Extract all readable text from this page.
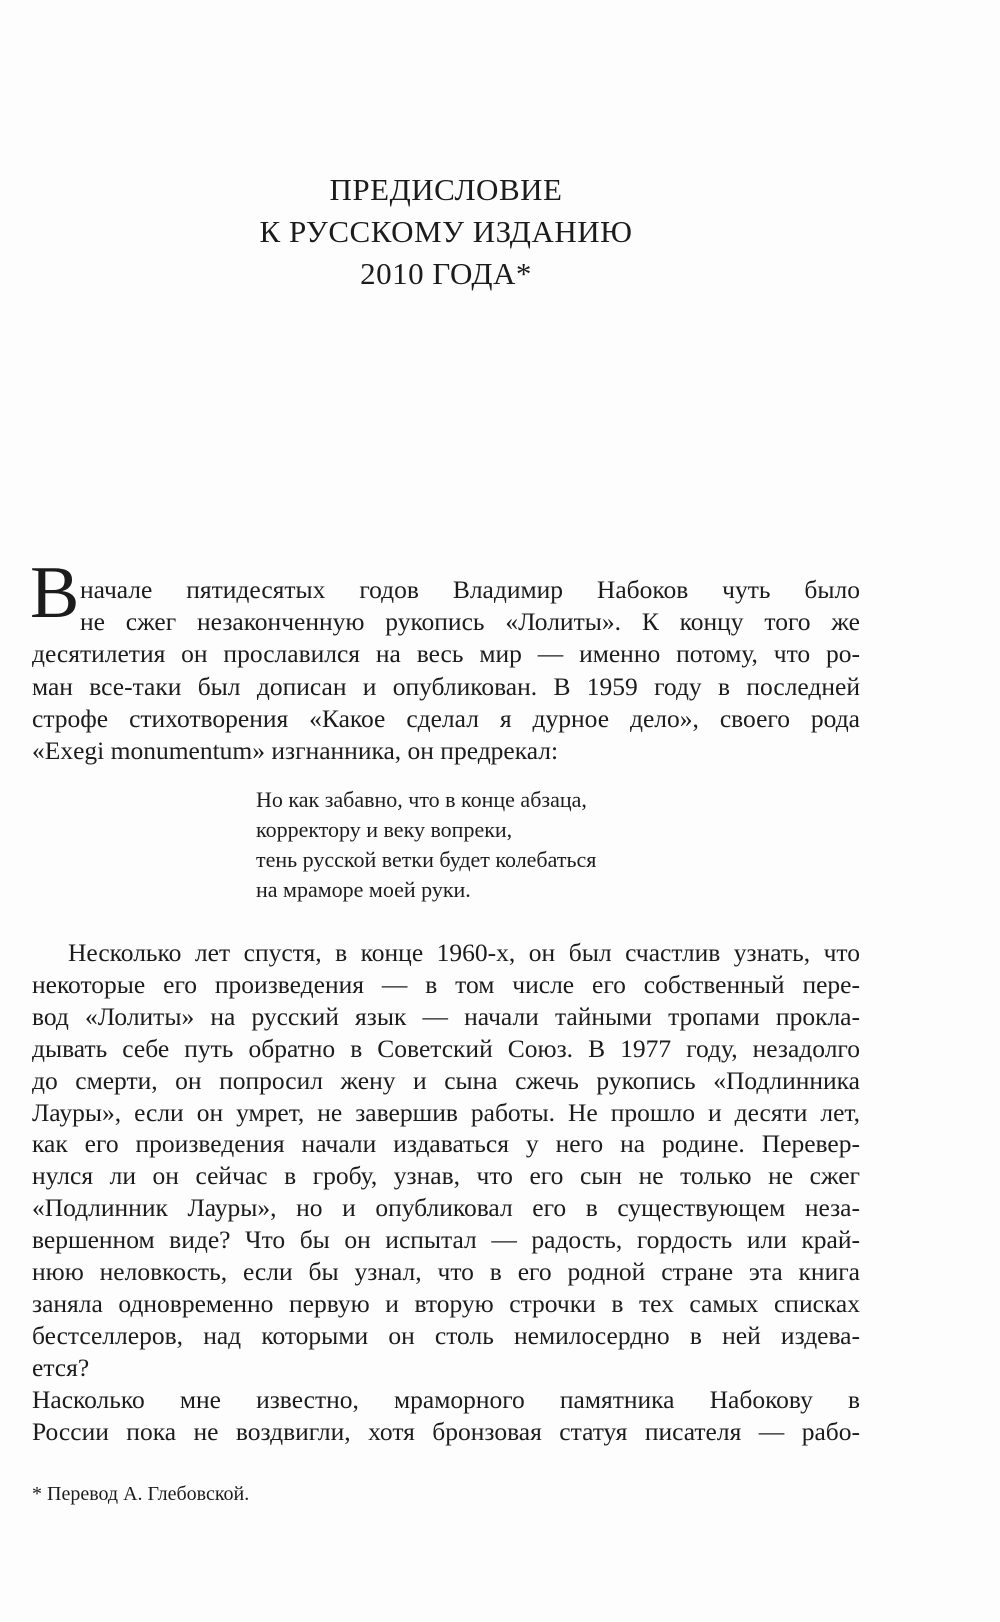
ПРЕДИСЛОВИЕ
К РУССКОМУ ИЗДАНИЮ
2010 ГОДА*
В
* Перевод А. Глебовской.
начале пятидесятых годов Владимир Набоков чуть было
не сжег незаконченную рукопись «Лолиты». К концу того же
десятилетия он прославился на весь мир — именно потому, что ро-
ман все-таки был дописан и опубликован. В 1959 году в последней
строфе стихотворения «Какое сделал я дурное дело», своего рода
«Exegi monumentum» изгнанника, он предрекал:
Но как забавно, что в конце абзаца,
корректору и веку вопреки,
тень русской ветки будет колебаться
на мраморе моей руки.
Несколько лет спустя, в конце 1960-х, он был счастлив узнать, что
некоторые его произведения — в том числе его собственный пере-
вод «Лолиты» на русский язык — начали тайными тропами прокла-
дывать себе путь обратно в Советский Союз. В 1977 году, незадолго
до смерти, он попросил жену и сына сжечь рукопись «Подлинника
Лауры», если он умрет, не завершив работы. Не прошло и десяти лет,
как его произведения начали издаваться у него на родине. Перевер-
нулся ли он сейчас в гробу, узнав, что его сын не только не сжег
«Подлинник Лауры», но и опубликовал его в существующем неза-
вершенном виде? Что бы он испытал — радость, гордость или край-
нюю неловкость, если бы узнал, что в его родной стране эта книга
заняла одновременно первую и вторую строчки в тех самых списках
бестселлеров, над которыми он столь немилосердно в ней издева-
ется?
Насколько мне известно, мраморного памятника Набокову в
России пока не воздвигли, хотя бронзовая статуя писателя — рабо-
